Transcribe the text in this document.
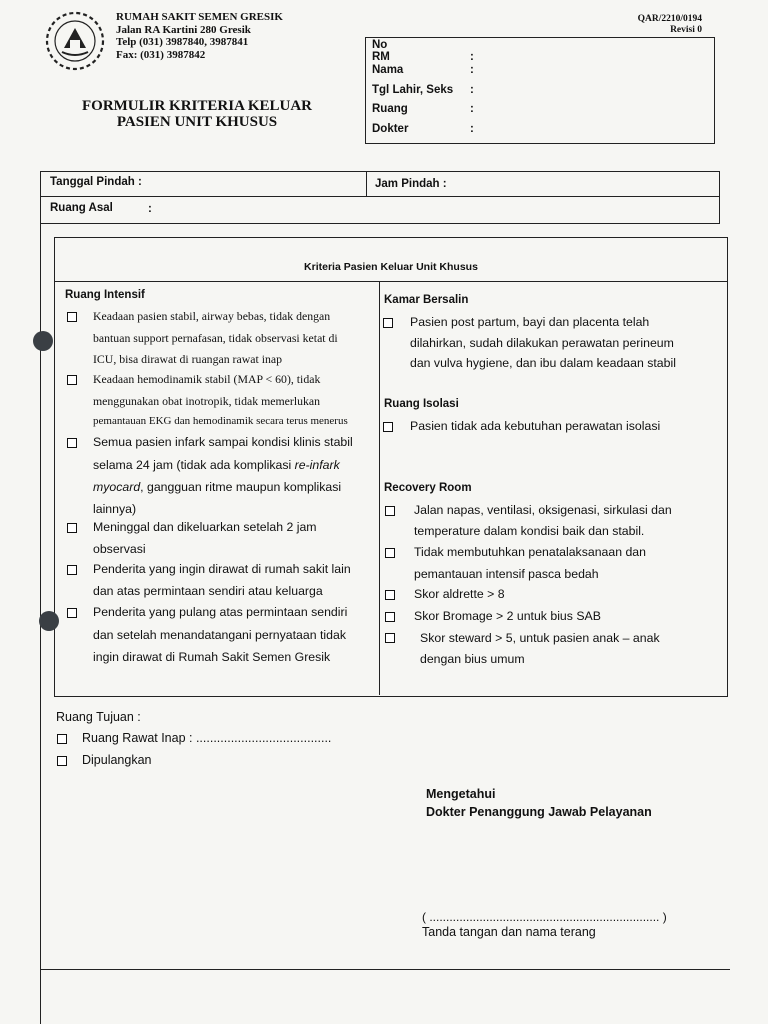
RUMAH SAKIT SEMEN GRESIK
Jalan RA Kartini 280 Gresik
Telp (031) 3987840, 3987841
Fax: (031) 3987842
QAR/2210/0194
Revisi 0
FORMULIR KRITERIA KELUAR
PASIEN UNIT KHUSUS
No RM	:
Nama	:
Tgl Lahir, Seks :
Ruang	:
Dokter	:
Tanggal Pindah :	Jam Pindah :
Ruang Asal	:
Kriteria Pasien Keluar Unit Khusus
Ruang Intensif
Keadaan pasien stabil, airway bebas, tidak dengan
bantuan support pernafasan, tidak observasi ketat di
ICU, bisa dirawat di ruangan rawat inap
Keadaan hemodinamik stabil (MAP < 60), tidak
menggunakan obat inotropik, tidak memerlukan
pemantauan EKG dan hemodinamik secara terus menerus
Semua pasien infark sampai kondisi klinis stabil
selama 24 jam (tidak ada komplikasi re-infark
myocard, gangguan ritme maupun komplikasi
lainnya)
Meninggal dan dikeluarkan setelah 2 jam
observasi
Penderita yang ingin dirawat di rumah sakit lain
dan atas permintaan sendiri atau keluarga
Penderita yang pulang atas permintaan sendiri
dan setelah menandatangani pernyataan tidak
ingin dirawat di Rumah Sakit Semen Gresik
Kamar Bersalin
Pasien post partum, bayi dan placenta telah
dilahirkan, sudah dilakukan perawatan perineum
dan vulva hygiene, dan ibu dalam keadaan stabil
Ruang Isolasi
Pasien tidak ada kebutuhan perawatan isolasi
Recovery Room
Jalan napas, ventilasi, oksigenasi, sirkulasi dan
temperature dalam kondisi baik dan stabil.
Tidak membutuhkan penatalaksanaan dan
pemantauan intensif pasca bedah
Skor aldrette > 8
Skor Bromage > 2 untuk bius SAB
Skor steward > 5, untuk pasien anak – anak
dengan bius umum
Ruang Tujuan :
Ruang Rawat Inap : .......................................
Dipulangkan
Mengetahui
Dokter Penanggung Jawab Pelayanan
( ..................................................................... )
Tanda tangan dan nama terang
